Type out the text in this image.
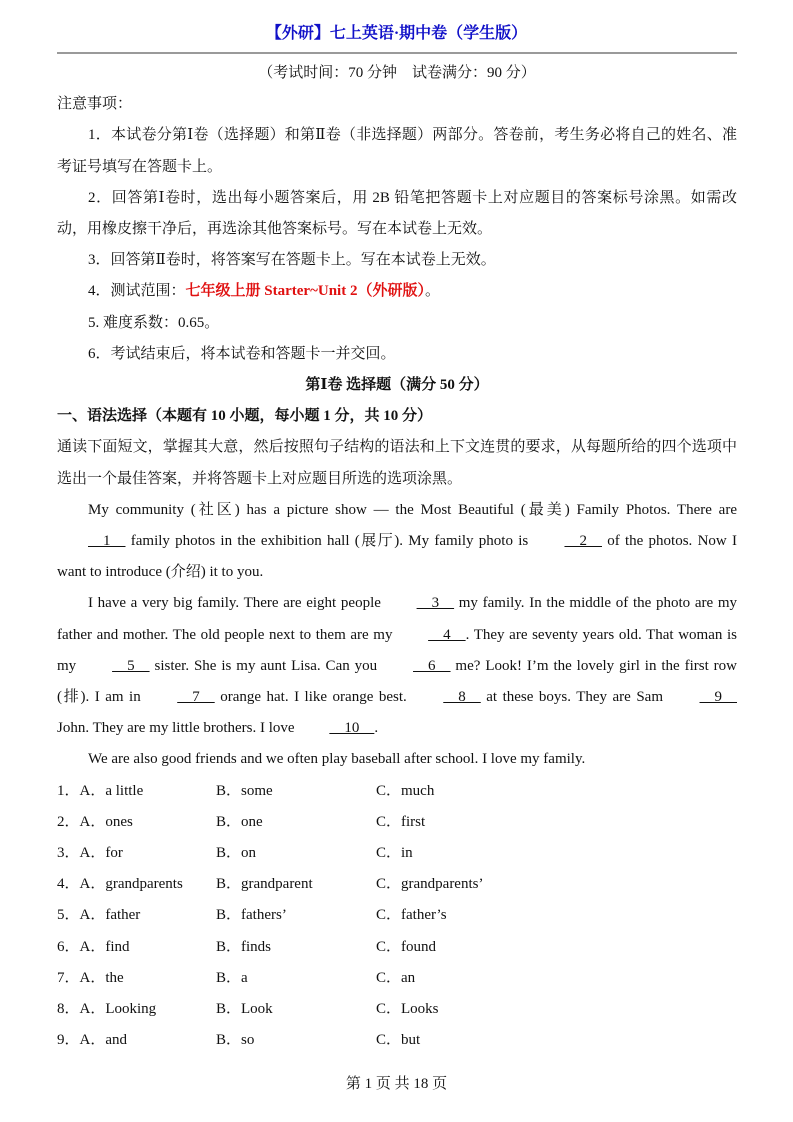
【外研】七上英语·期中卷（学生版）

（考试时间：70 分钟　试卷满分：90 分）

注意事项：

1．本试卷分第Ⅰ卷（选择题）和第Ⅱ卷（非选择题）两部分。答卷前，考生务必将自己的姓名、准考证号填写在答题卡上。

2．回答第Ⅰ卷时，选出每小题答案后，用 2B 铅笔把答题卡上对应题目的答案标号涂黑。如需改动，用橡皮擦干净后，再选涂其他答案标号。写在本试卷上无效。

3．回答第Ⅱ卷时，将答案写在答题卡上。写在本试卷上无效。

4．测试范围：七年级上册 Starter~Unit 2（外研版）。

5. 难度系数：0.65。

6．考试结束后，将本试卷和答题卡一并交回。

第Ⅰ卷 选择题（满分 50 分）

一、语法选择（本题有 10 小题，每小题 1 分，共 10 分）

通读下面短文，掌握其大意，然后按照句子结构的语法和上下文连贯的要求，从每题所给的四个选项中选出一个最佳答案，并将答题卡上对应题目所选的选项涂黑。

My community (社区) has a picture show — the Most Beautiful (最美) Family Photos. There are     1     family photos in the exhibition hall (展厅). My family photo is     2     of the photos. Now I want to introduce (介绍) it to you.

I have a very big family. There are eight people     3     my family. In the middle of the photo are my father and mother. The old people next to them are my     4    . They are seventy years old. That woman is my     5     sister. She is my aunt Lisa. Can you     6     me? Look! I’m the lovely girl in the first row (排). I am in     7     orange hat. I like orange best.     8     at these boys. They are Sam     9     John. They are my little brothers. I love     10    .

We are also good friends and we often play baseball after school. I love my family.

1．A．a little	B．some	C．much
2．A．ones	B．one	C．first
3．A．for	B．on	C．in
4．A．grandparents	B．grandparent	C．grandparents’
5．A．father	B．fathers’	C．father’s
6．A．find	B．finds	C．found
7．A．the	B．a	C．an
8．A．Looking	B．Look	C．Looks
9．A．and	B．so	C．but
第 1 页 共 18 页
